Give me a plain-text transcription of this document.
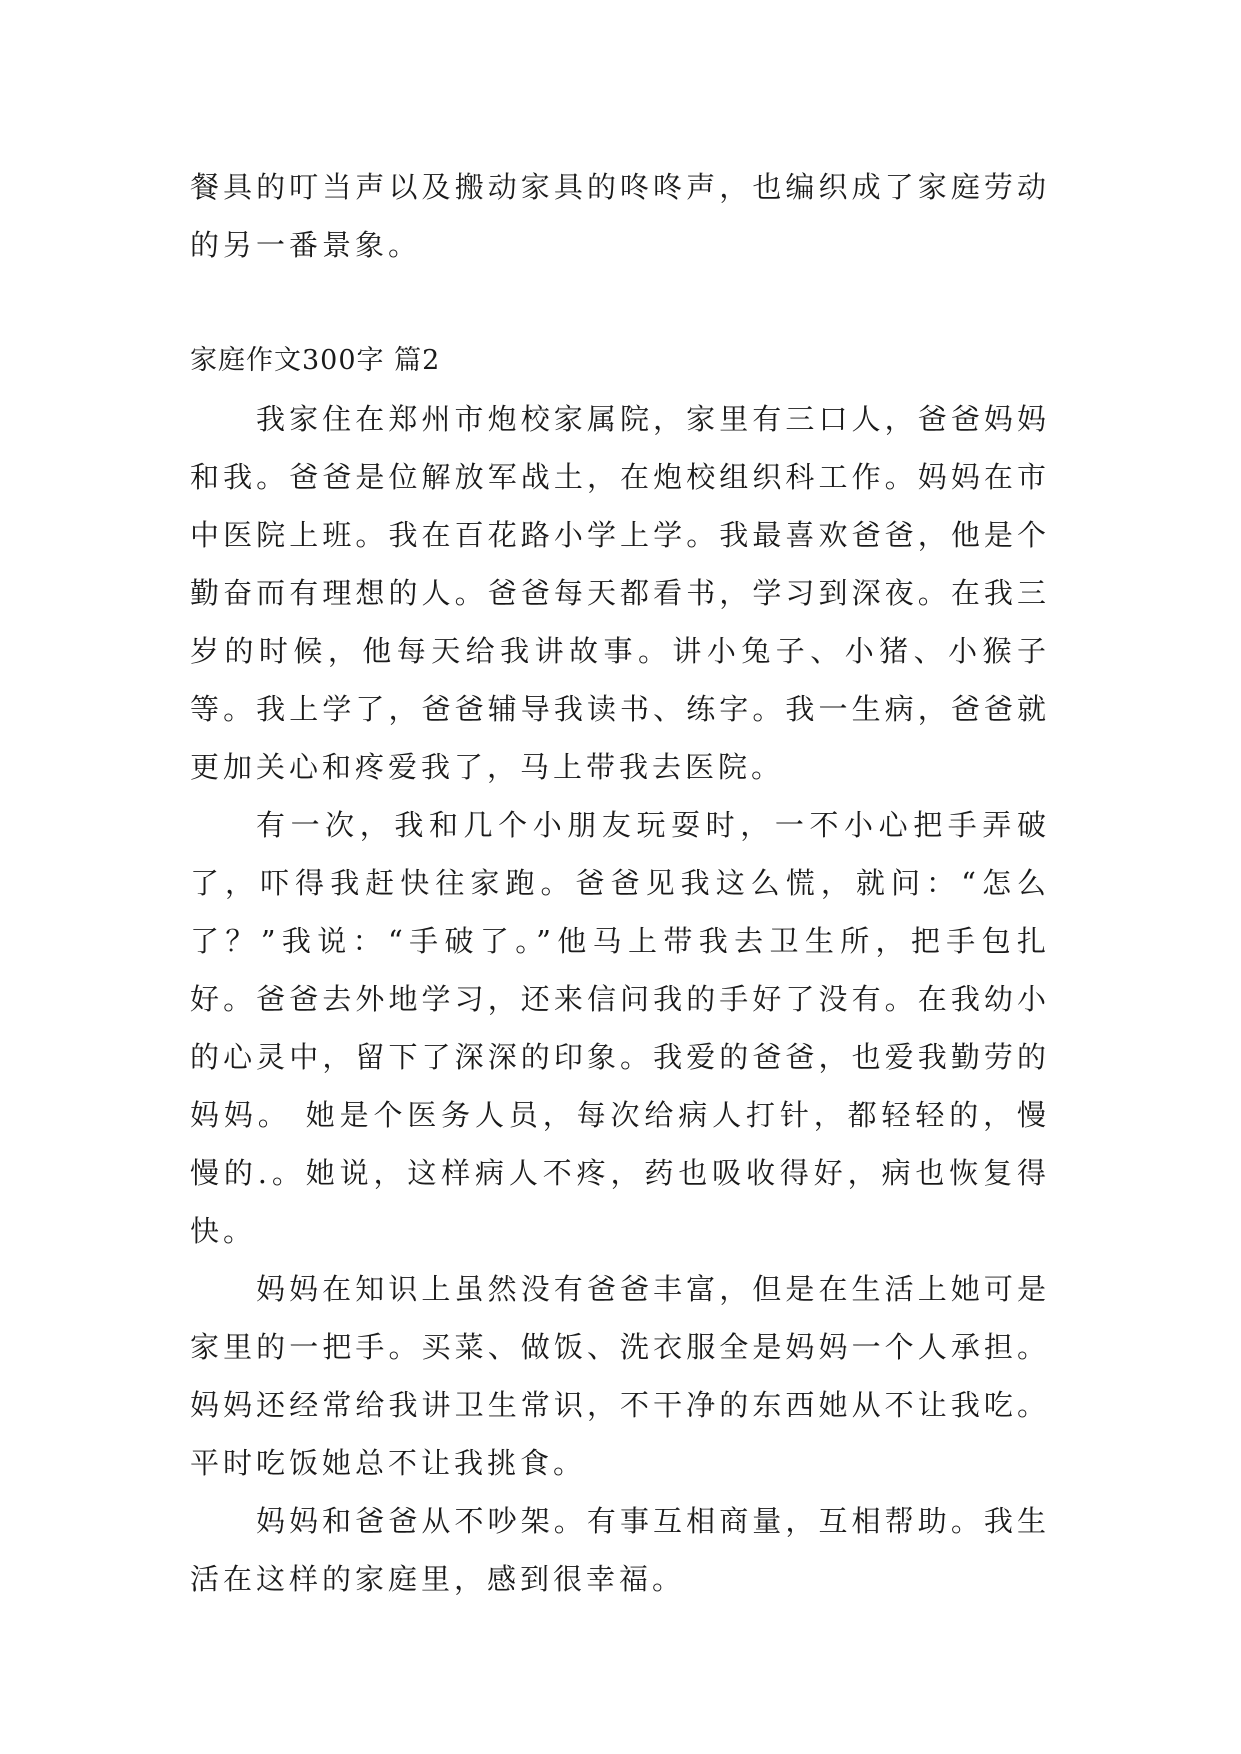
餐具的叮当声以及搬动家具的咚咚声，也编织成了家庭劳动的另一番景象。

家庭作文300字 篇2

我家住在郑州市炮校家属院，家里有三口人，爸爸妈妈和我。爸爸是位解放军战土，在炮校组织科工作。妈妈在市中医院上班。我在百花路小学上学。我最喜欢爸爸，他是个勤奋而有理想的人。爸爸每天都看书，学习到深夜。在我三岁的时候，他每天给我讲故事。讲小兔子、小猪、小猴子等。我上学了，爸爸辅导我读书、练字。我一生病，爸爸就更加关心和疼爱我了，马上带我去医院。

有一次，我和几个小朋友玩耍时，一不小心把手弄破了，吓得我赶快往家跑。爸爸见我这么慌，就问：“怎么了？”我说：“手破了。”他马上带我去卫生所，把手包扎好。爸爸去外地学习，还来信问我的手好了没有。在我幼小的心灵中，留下了深深的印象。我爱的爸爸，也爱我勤劳的妈妈。 她是个医务人员，每次给病人打针，都轻轻的，慢慢的.。她说，这样病人不疼，药也吸收得好，病也恢复得快。

妈妈在知识上虽然没有爸爸丰富，但是在生活上她可是家里的一把手。买菜、做饭、洗衣服全是妈妈一个人承担。妈妈还经常给我讲卫生常识，不干净的东西她从不让我吃。平时吃饭她总不让我挑食。

妈妈和爸爸从不吵架。有事互相商量，互相帮助。我生活在这样的家庭里，感到很幸福。
